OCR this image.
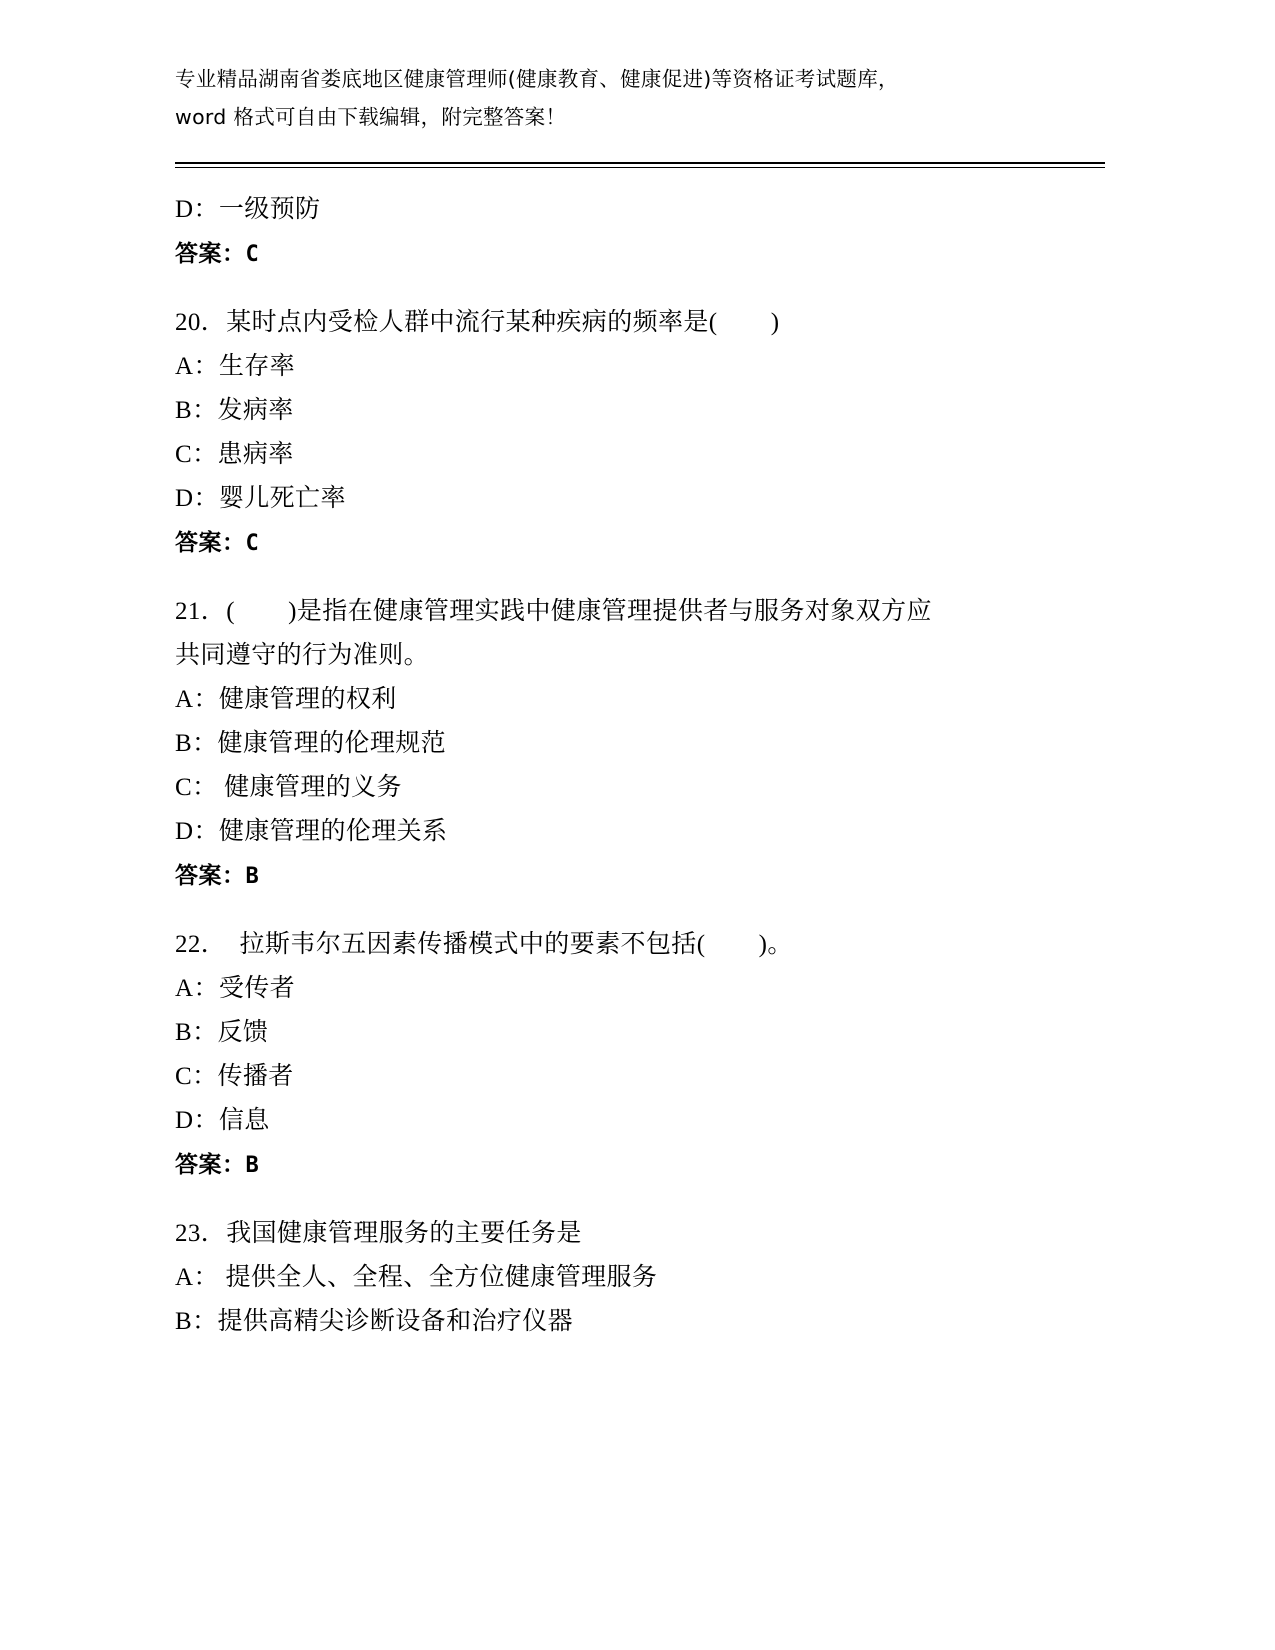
专业精品湖南省娄底地区健康管理师(健康教育、健康促进)等资格证考试题库，
word 格式可自由下载编辑，附完整答案！
D：一级预防
答案：C
20．某时点内受检人群中流行某种疾病的频率是(        )
A：生存率
B：发病率
C：患病率
D：婴儿死亡率
答案：C
21．(        )是指在健康管理实践中健康管理提供者与服务对象双方应
共同遵守的行为准则。
A：健康管理的权利
B：健康管理的伦理规范
C： 健康管理的义务
D：健康管理的伦理关系
答案：B
22．  拉斯韦尔五因素传播模式中的要素不包括(        )。
A：受传者
B：反馈
C：传播者
D：信息
答案：B
23．我国健康管理服务的主要任务是
A： 提供全人、全程、全方位健康管理服务
B：提供高精尖诊断设备和治疗仪器
